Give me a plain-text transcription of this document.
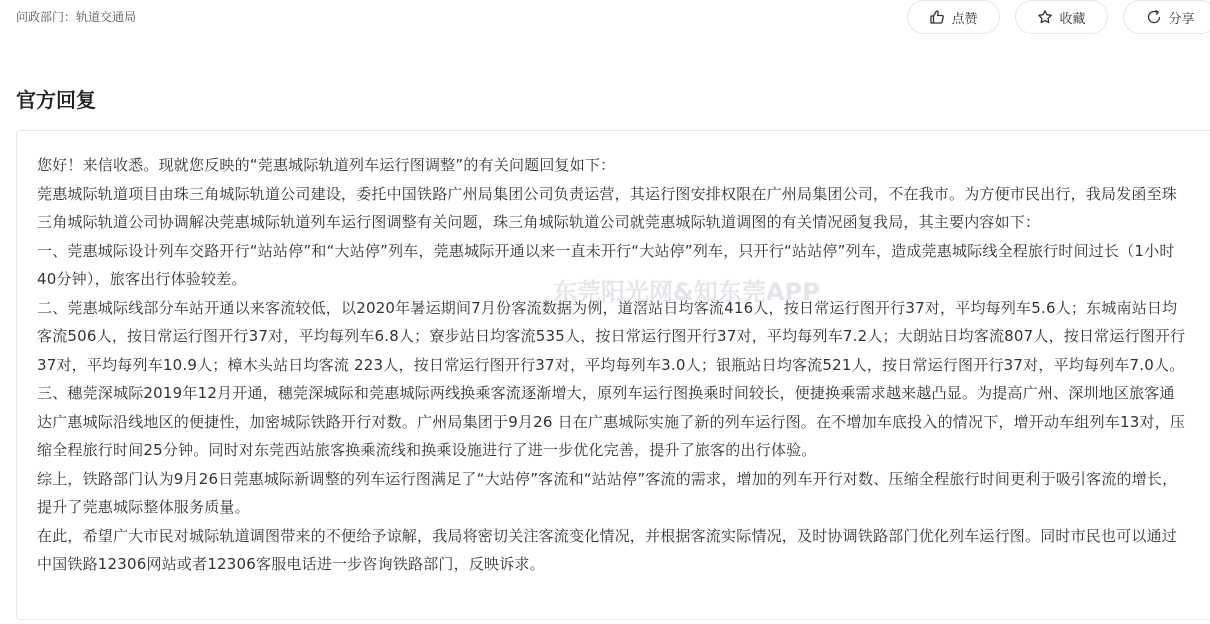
问政部门：轨道交通局	点赞	收藏	分享
官方回复

您好！来信收悉。现就您反映的“莞惠城际轨道列车运行图调整”的有关问题回复如下：

莞惠城际轨道项目由珠三角城际轨道公司建设，委托中国铁路广州局集团公司负责运营，其运行图安排权限在广州局集团公司，不在我市。为方便市民出行，我局发函至珠三角城际轨道公司协调解决莞惠城际轨道列车运行图调整有关问题，珠三角城际轨道公司就莞惠城际轨道调图的有关情况函复我局，其主要内容如下：

一、莞惠城际设计列车交路开行“站站停”和“大站停”列车，莞惠城际开通以来一直未开行“大站停”列车，只开行“站站停”列车，造成莞惠城际线全程旅行时间过长（1小时40分钟），旅客出行体验较差。

二、莞惠城际线部分车站开通以来客流较低，以2020年暑运期间7月份客流数据为例，道滘站日均客流416人，按日常运行图开行37对，平均每列车5.6人；东城南站日均客流506人，按日常运行图开行37对，平均每列车6.8人；寮步站日均客流535人，按日常运行图开行37对，平均每列车7.2人；大朗站日均客流807人，按日常运行图开行37对，平均每列车10.9人；樟木头站日均客流 223人，按日常运行图开行37对，平均每列车3.0人；银瓶站日均客流521人，按日常运行图开行37对，平均每列车7.0人。

三、穗莞深城际2019年12月开通，穗莞深城际和莞惠城际两线换乘客流逐渐增大，原列车运行图换乘时间较长，便捷换乘需求越来越凸显。为提高广州、深圳地区旅客通达广惠城际沿线地区的便捷性，加密城际铁路开行对数。广州局集团于9月26 日在广惠城际实施了新的列车运行图。在不增加车底投入的情况下，增开动车组列车13对，压缩全程旅行时间25分钟。同时对东莞西站旅客换乘流线和换乘设施进行了进一步优化完善，提升了旅客的出行体验。

综上，铁路部门认为9月26日莞惠城际新调整的列车运行图满足了“大站停”客流和“站站停”客流的需求，增加的列车开行对数、压缩全程旅行时间更利于吸引客流的增长，提升了莞惠城际整体服务质量。

在此，希望广大市民对城际轨道调图带来的不便给予谅解，我局将密切关注客流变化情况，并根据客流实际情况，及时协调铁路部门优化列车运行图。同时市民也可以通过中国铁路12306网站或者12306客服电话进一步咨询铁路部门，反映诉求。

东莞阳光网&知东莞APP
